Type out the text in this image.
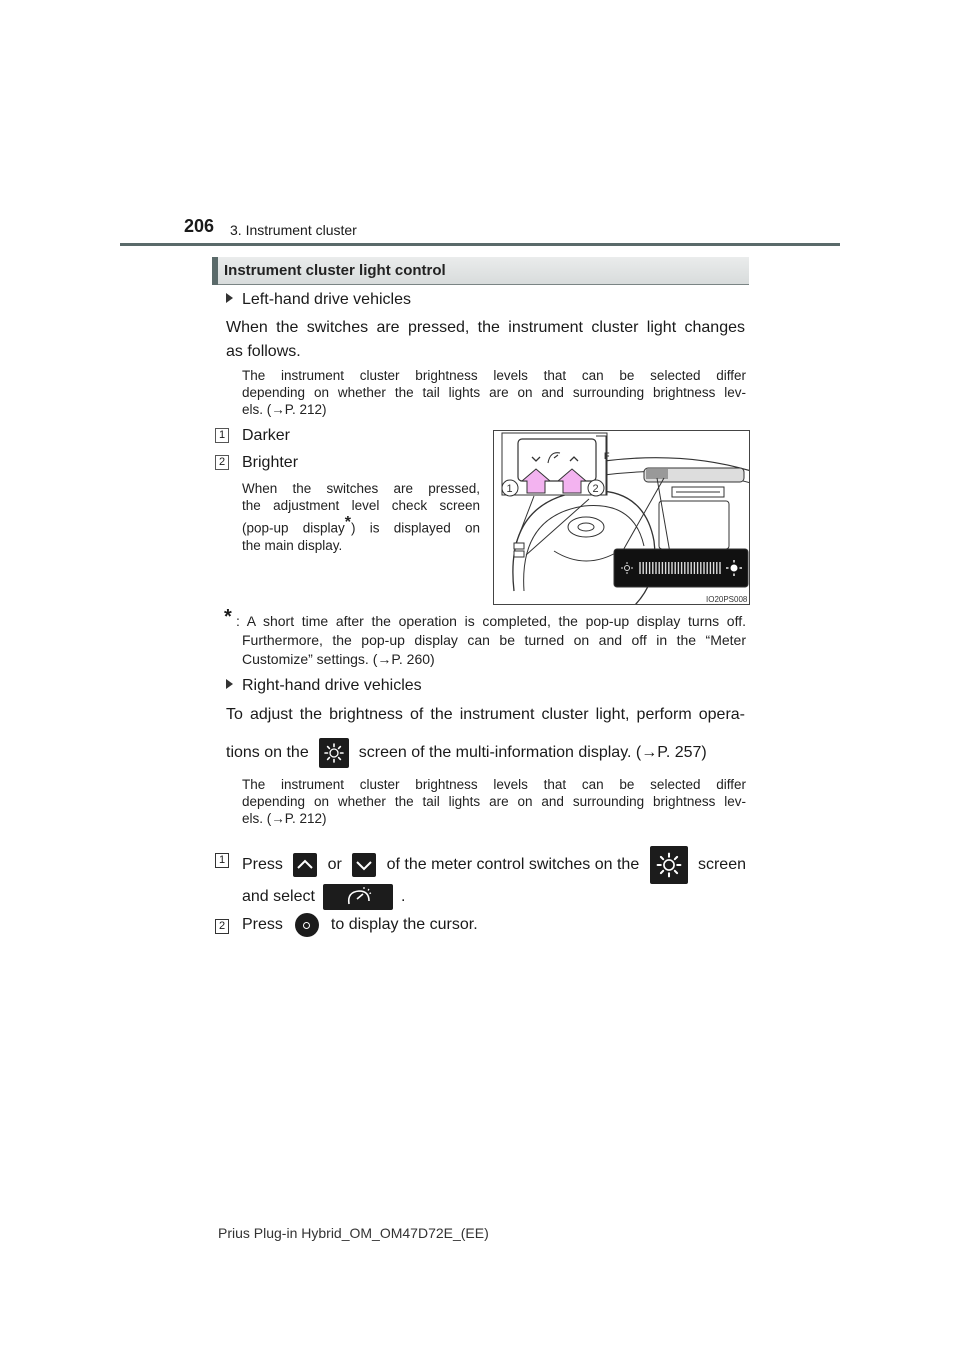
206 3. Instrument cluster
Instrument cluster light control
Left-hand drive vehicles
When the switches are pressed, the instrument cluster light changes
as follows.
The instrument cluster brightness levels that can be selected differ
depending on whether the tail lights are on and surrounding brightness lev-
els. (→P. 212)
1 Darker
2 Brighter
When the switches are pressed,
the adjustment level check screen
(pop-up display*) is displayed on
the main display.
F
1	2
IO20PS008
* : A short time after the operation is completed, the pop-up display turns off.
Furthermore, the pop-up display can be turned on and off in the “Meter
Customize” settings. (→P. 260)
Right-hand drive vehicles
To adjust the brightness of the instrument cluster light, perform opera-
tions on the	screen of the multi-information display. (→P. 257)
The instrument cluster brightness levels that can be selected differ
depending on whether the tail lights are on and surrounding brightness lev-
els. (→P. 212)
1 Press	or	of the meter control switches on the	screen
and select	.
2 Press	to display the cursor.
Prius Plug-in Hybrid_OM_OM47D72E_(EE)
